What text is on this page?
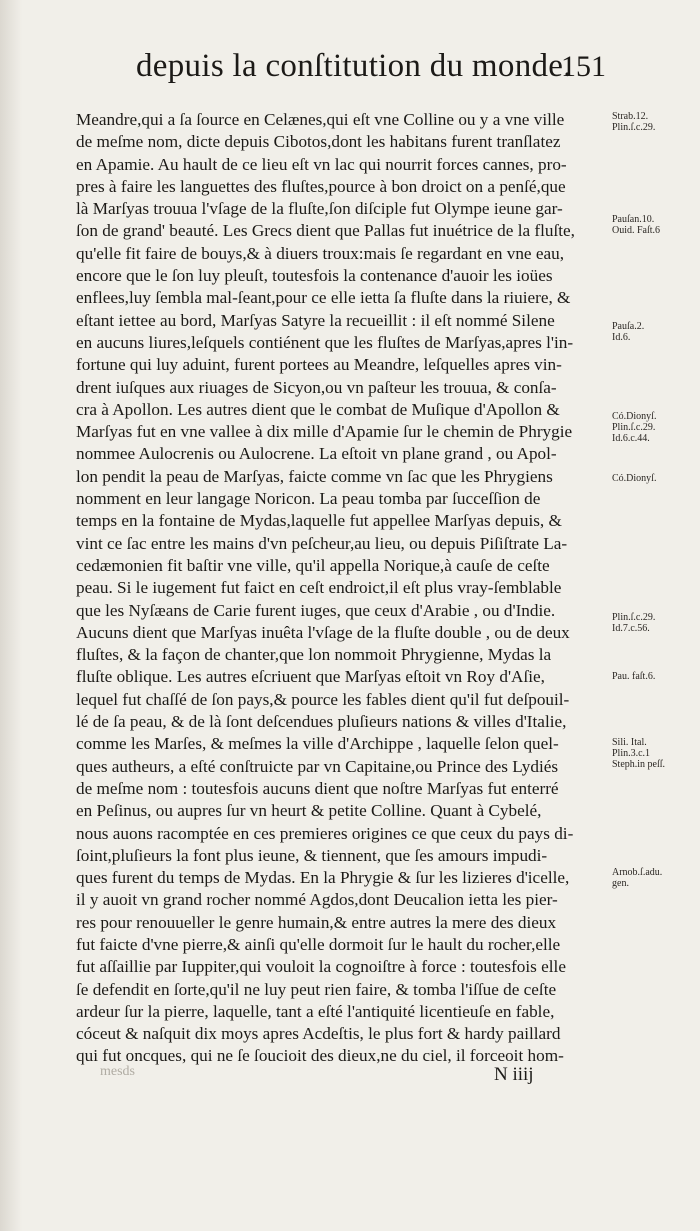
depuis la conſtitution du monde.
151
Meandre,qui a ſa ſource en Celænes,qui eſt vne Colline ou y a vne ville
de meſme nom, dicte depuis Cibotos,dont les habitans furent tranſlatez
en Apamie. Au hault de ce lieu eſt vn lac qui nourrit forces cannes, pro-
pres à faire les languettes des fluſtes,pource à bon droict on a penſé,que
là Marſyas trouua l'vſage de la fluſte,ſon diſciple fut Olympe ieune gar-
ſon de grand' beauté. Les Grecs dient que Pallas fut inuétrice de la fluſte,
qu'elle fit faire de bouys,& à diuers troux:mais ſe regardant en vne eau,
encore que le ſon luy pleuſt, toutesfois la contenance d'auoir les ioües
enflees,luy ſembla mal-ſeant,pour ce elle ietta ſa fluſte dans la riuiere, &
eſtant iettee au bord, Marſyas Satyre la recueillit : il eſt nommé Silene
en aucuns liures,leſquels contiénent que les fluſtes de Marſyas,apres l'in-
fortune qui luy aduint, furent portees au Meandre, leſquelles apres vin-
drent iuſques aux riuages de Sicyon,ou vn paſteur les trouua, & conſa-
cra à Apollon. Les autres dient que le combat de Muſique d'Apollon &
Marſyas fut en vne vallee à dix mille d'Apamie ſur le chemin de Phrygie
nommee Aulocrenis ou Aulocrene. La eſtoit vn plane grand , ou Apol-
lon pendit la peau de Marſyas, faicte comme vn ſac que les Phrygiens
nomment en leur langage Noricon. La peau tomba par ſucceſſion de
temps en la fontaine de Mydas,laquelle fut appellee Marſyas depuis, &
vint ce ſac entre les mains d'vn peſcheur,au lieu, ou depuis Piſiſtrate La-
cedæmonien fit baſtir vne ville, qu'il appella Norique,à cauſe de ceſte
peau. Si le iugement fut faict en ceſt endroict,il eſt plus vray-ſemblable
que les Nyſæans de Carie furent iuges, que ceux d'Arabie , ou d'Indie.
Aucuns dient que Marſyas inuêta l'vſage de la fluſte double , ou de deux
fluſtes, & la façon de chanter,que lon nommoit Phrygienne, Mydas la
fluſte oblique. Les autres eſcriuent que Marſyas eſtoit vn Roy d'Aſie,
lequel fut chaſſé de ſon pays,& pource les fables dient qu'il fut deſpouil-
lé de ſa peau, & de là ſont deſcendues pluſieurs nations & villes d'Italie,
comme les Marſes, & meſmes la ville d'Archippe , laquelle ſelon quel-
ques autheurs, a eſté conſtruicte par vn Capitaine,ou Prince des Lydiés
de meſme nom : toutesfois aucuns dient que noſtre Marſyas fut enterré
en Peſinus, ou aupres ſur vn heurt & petite Colline. Quant à Cybelé,
nous auons racomptée en ces premieres origines ce que ceux du pays di-
ſoint,pluſieurs la font plus ieune, & tiennent, que ſes amours impudi-
ques furent du temps de Mydas. En la Phrygie & ſur les lizieres d'icelle,
il y auoit vn grand rocher nommé Agdos,dont Deucalion ietta les pier-
res pour renouueller le genre humain,& entre autres la mere des dieux
fut faicte d'vne pierre,& ainſi qu'elle dormoit ſur le hault du rocher,elle
fut aſſaillie par Iuppiter,qui vouloit la cognoiſtre à force : toutesfois elle
ſe defendit en ſorte,qu'il ne luy peut rien faire, & tomba l'iſſue de ceſte
ardeur ſur la pierre, laquelle, tant a eſté l'antiquité licentieuſe en fable,
cóceut & naſquit dix moys apres Acdeſtis, le plus fort & hardy paillard
qui fut oncques, qui ne ſe ſoucioit des dieux,ne du ciel, il forceoit hom-
Strab.12.
Plin.ſ.c.29.
Pauſan.10.
Ouid. Faſt.6
Pauſa.2.
Id.6.
Có.Dionyſ.
Plin.ſ.c.29.
Id.6.c.44.
Có.Dionyſ.
Plin.ſ.c.29.
Id.7.c.56.
Pau. faſt.6.
Sili. Ital.
Plin.3.c.1
Steph.in peſſ.
Arnob.ſ.adu.
gen.
mesds	N iiij
